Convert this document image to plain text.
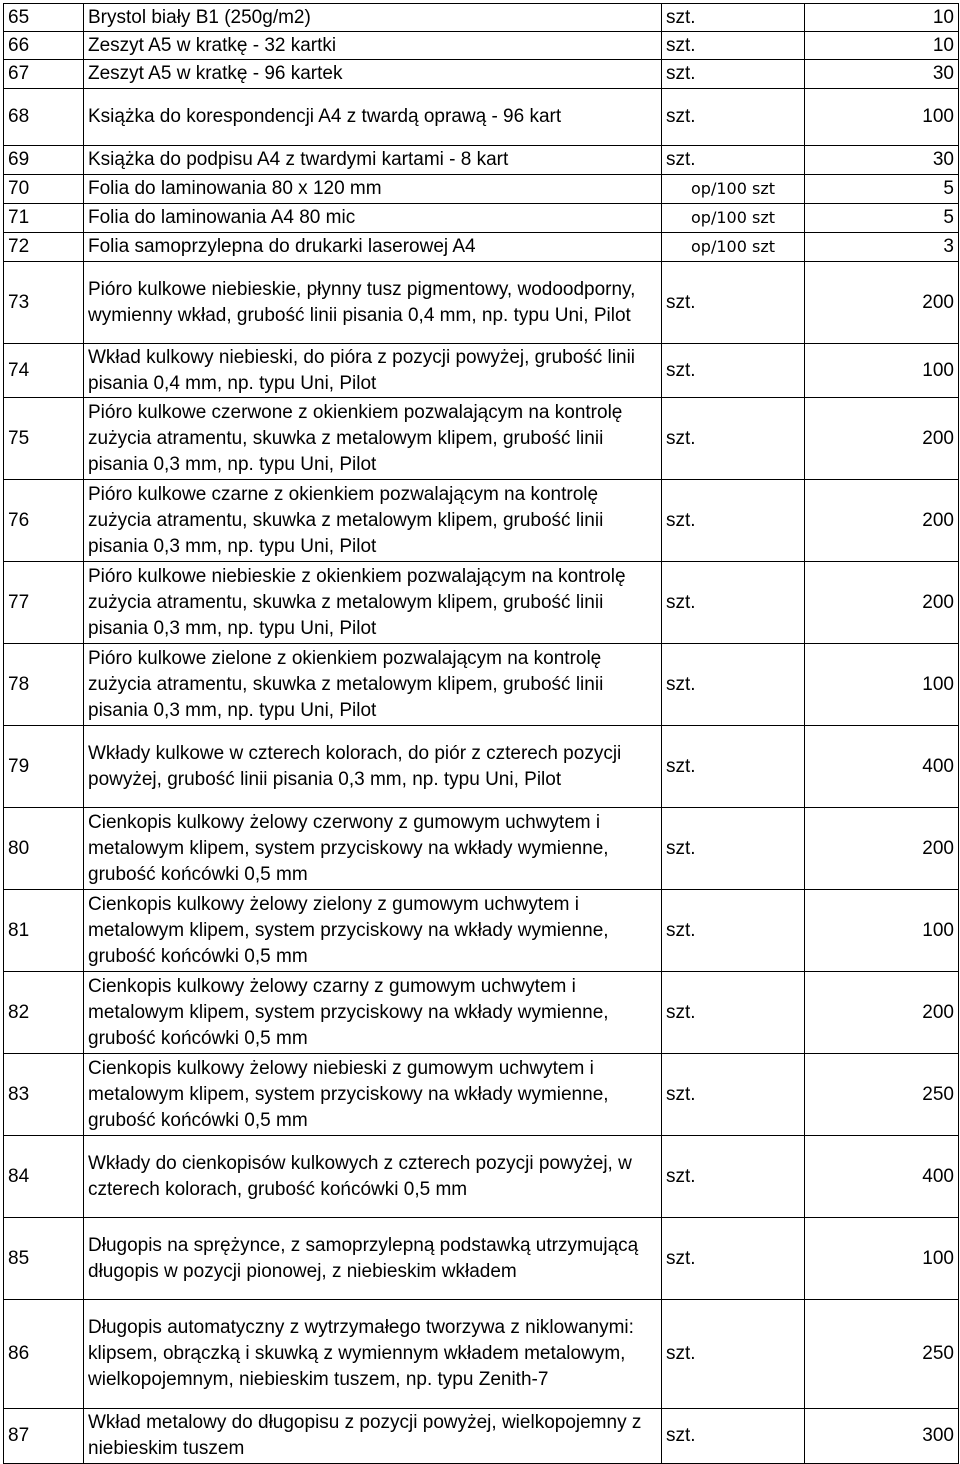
65	Brystol biały B1 (250g/m2)	szt.	10
66	Zeszyt A5 w kratkę - 32 kartki	szt.	10
67	Zeszyt A5 w kratkę - 96 kartek	szt.	30
68	Książka do korespondencji A4 z twardą oprawą - 96 kart	szt.	100
69	Książka do podpisu A4 z twardymi kartami - 8 kart	szt.	30
70	Folia do laminowania 80 x 120 mm	op/100 szt	5
71	Folia do laminowania A4 80 mic	op/100 szt	5
72	Folia samoprzylepna do drukarki laserowej A4	op/100 szt	3
73	Pióro kulkowe niebieskie, płynny tusz pigmentowy, wodoodporny, wymienny wkład, grubość linii pisania 0,4 mm, np. typu Uni, Pilot	szt.	200
74	Wkład kulkowy niebieski, do pióra z pozycji powyżej, grubość linii pisania 0,4 mm, np. typu Uni, Pilot	szt.	100
75	Pióro kulkowe czerwone z okienkiem pozwalającym na kontrolę zużycia atramentu, skuwka z metalowym klipem, grubość linii pisania 0,3 mm, np. typu Uni, Pilot	szt.	200
76	Pióro kulkowe czarne z okienkiem pozwalającym na kontrolę zużycia atramentu, skuwka z metalowym klipem, grubość linii pisania 0,3 mm, np. typu Uni, Pilot	szt.	200
77	Pióro kulkowe niebieskie z okienkiem pozwalającym na kontrolę zużycia atramentu, skuwka z metalowym klipem, grubość linii pisania 0,3 mm, np. typu Uni, Pilot	szt.	200
78	Pióro kulkowe zielone z okienkiem pozwalającym na kontrolę zużycia atramentu, skuwka z metalowym klipem, grubość linii pisania 0,3 mm, np. typu Uni, Pilot	szt.	100
79	Wkłady kulkowe w czterech kolorach, do piór z czterech pozycji powyżej, grubość linii pisania 0,3 mm, np. typu Uni, Pilot	szt.	400
80	Cienkopis kulkowy żelowy czerwony z gumowym uchwytem i metalowym klipem, system przyciskowy na wkłady wymienne, grubość końcówki 0,5 mm	szt.	200
81	Cienkopis kulkowy żelowy zielony z gumowym uchwytem i metalowym klipem, system przyciskowy na wkłady wymienne, grubość końcówki 0,5 mm	szt.	100
82	Cienkopis kulkowy żelowy czarny z gumowym uchwytem i metalowym klipem, system przyciskowy na wkłady wymienne, grubość końcówki 0,5 mm	szt.	200
83	Cienkopis kulkowy żelowy niebieski z gumowym uchwytem i metalowym klipem, system przyciskowy na wkłady wymienne, grubość końcówki 0,5 mm	szt.	250
84	Wkłady do cienkopisów kulkowych z czterech pozycji powyżej, w czterech kolorach, grubość końcówki 0,5 mm	szt.	400
85	Długopis na sprężynce, z samoprzylepną podstawką utrzymującą długopis w pozycji pionowej, z niebieskim wkładem	szt.	100
86	Długopis automatyczny z wytrzymałego tworzywa z niklowanymi: klipsem, obrączką i skuwką z wymiennym wkładem metalowym, wielkopojemnym, niebieskim tuszem, np. typu Zenith-7	szt.	250
87	Wkład metalowy do długopisu z pozycji powyżej, wielkopojemny z niebieskim tuszem	szt.	300
